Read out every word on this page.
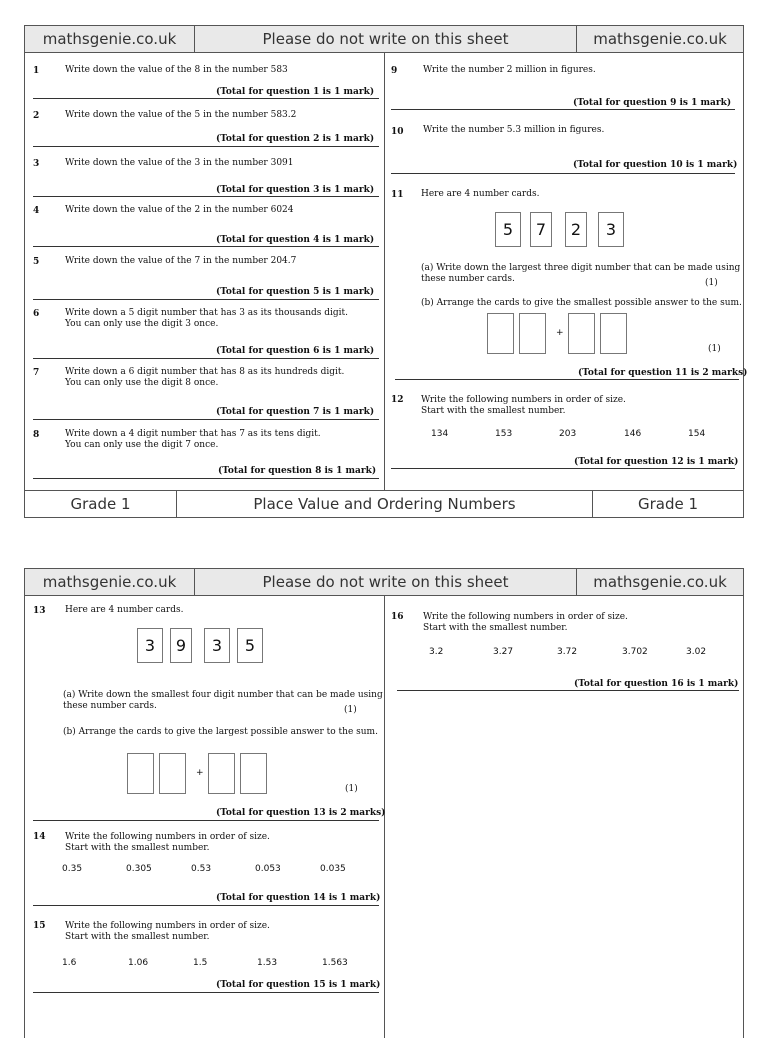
mathsgenie.co.uk	Please do not write on this sheet	mathsgenie.co.uk
1	Write down the value of the 8 in the number 583
(Total for question 1 is 1 mark)
2	Write down the value of the 5 in the number 583.2
(Total for question 2 is 1 mark)
3	Write down the value of the 3 in the number 3091
(Total for question 3 is 1 mark)
4	Write down the value of the 2 in the number 6024
(Total for question 4 is 1 mark)
5	Write down the value of the 7 in the number 204.7
(Total for question 5 is 1 mark)
6	Write down a 5 digit number that has 3 as its thousands digit.
You can only use the digit 3 once.
(Total for question 6 is 1 mark)
7	Write down a 6 digit number that has 8 as its hundreds digit.
You can only use the digit 8 once.
(Total for question 7 is 1 mark)
8	Write down a 4 digit number that has 7 as its tens digit.
You can only use the digit 7 once.
(Total for question 8 is 1 mark)
9	Write the number 2 million in figures.
(Total for question 9 is 1 mark)
10 Write the number 5.3 million in figures.
(Total for question 10 is 1 mark)
11 Here are 4 number cards.
5	7	2	3
(a) Write down the largest three digit number that can be made using
these number cards.	(1)
(b) Arrange the cards to give the smallest possible answer to the sum.
+
(1)
(Total for question 11 is 2 marks)
12 Write the following numbers in order of size.
Start with the smallest number.
134	153	203	146	154
(Total for question 12 is 1 mark)
Grade 1	Place Value and Ordering Numbers	Grade 1
mathsgenie.co.uk	Please do not write on this sheet	mathsgenie.co.uk
13 Here are 4 number cards.
3	9	3	5
(a) Write down the smallest four digit number that can be made using
these number cards.	(1)
(b) Arrange the cards to give the largest possible answer to the sum.
+
(1)
(Total for question 13 is 2 marks)
14 Write the following numbers in order of size.
Start with the smallest number.
0.35	0.305	0.53	0.053	0.035
(Total for question 14 is 1 mark)
15 Write the following numbers in order of size.
Start with the smallest number.
1.6	1.06	1.5	1.53	1.563
(Total for question 15 is 1 mark)
16 Write the following numbers in order of size.
Start with the smallest number.
3.2	3.27	3.72	3.702	3.02
(Total for question 16 is 1 mark)
